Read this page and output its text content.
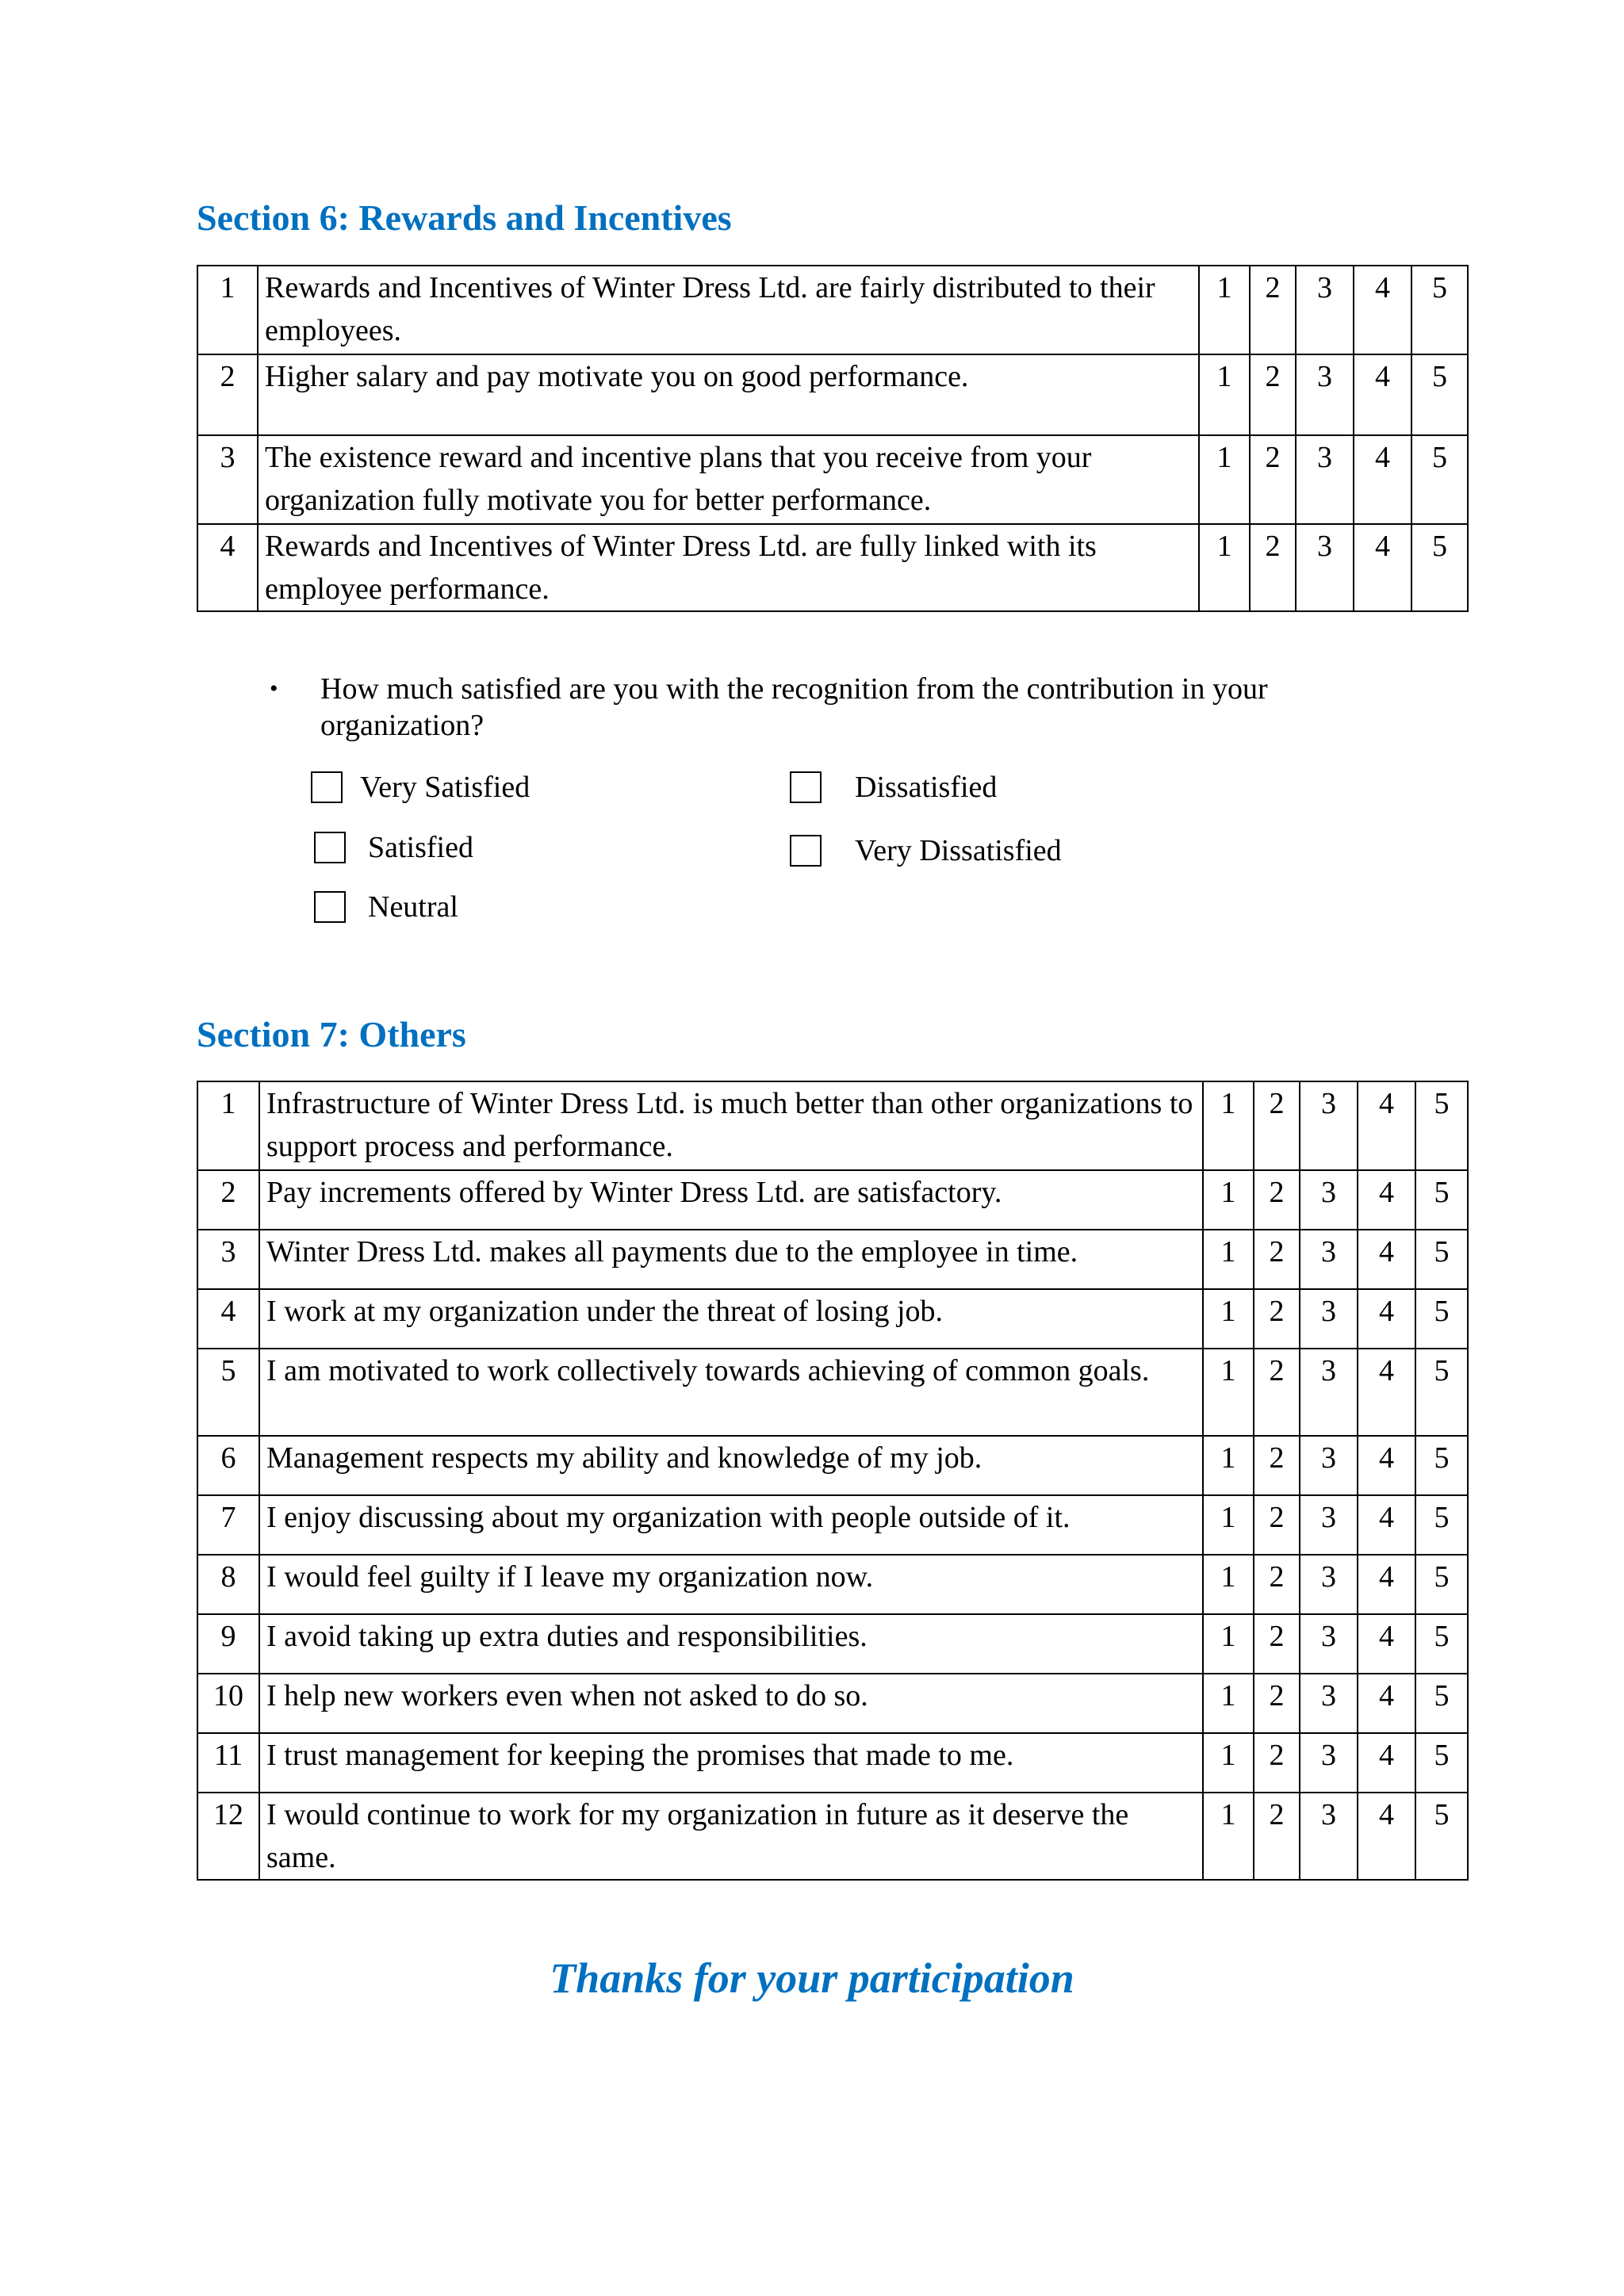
Section 6: Rewards and Incentives
1	Rewards and Incentives of Winter Dress Ltd. are fairly distributed to their employees.	1	2	3	4	5
2	Higher salary and pay motivate you on good performance.	1	2	3	4	5
3	The existence reward and incentive plans that you receive from your organization fully motivate you for better performance.	1	2	3	4	5
4	Rewards and Incentives of Winter Dress Ltd. are fully linked with its employee performance.	1	2	3	4	5
•	How much satisfied are you with the recognition from the contribution in your organization?
Very Satisfied	Dissatisfied
Satisfied	Very Dissatisfied
Neutral
Section 7: Others
1	Infrastructure of Winter Dress Ltd. is much better than other organizations to support process and performance.	1	2	3	4	5
2	Pay increments offered by Winter Dress Ltd. are satisfactory.	1	2	3	4	5
3	Winter Dress Ltd. makes all payments due to the employee in time.	1	2	3	4	5
4	I work at my organization under the threat of losing job.	1	2	3	4	5
5	I am motivated to work collectively towards achieving of common goals.	1	2	3	4	5
6	Management respects my ability and knowledge of my job.	1	2	3	4	5
7	I enjoy discussing about my organization with people outside of it.	1	2	3	4	5
8	I would feel guilty if I leave my organization now.	1	2	3	4	5
9	I avoid taking up extra duties and responsibilities.	1	2	3	4	5
10	I help new workers even when not asked to do so.	1	2	3	4	5
11	I trust management for keeping the promises that made to me.	1	2	3	4	5
12	I would continue to work for my organization in future as it deserve the same.	1	2	3	4	5
Thanks for your participation
